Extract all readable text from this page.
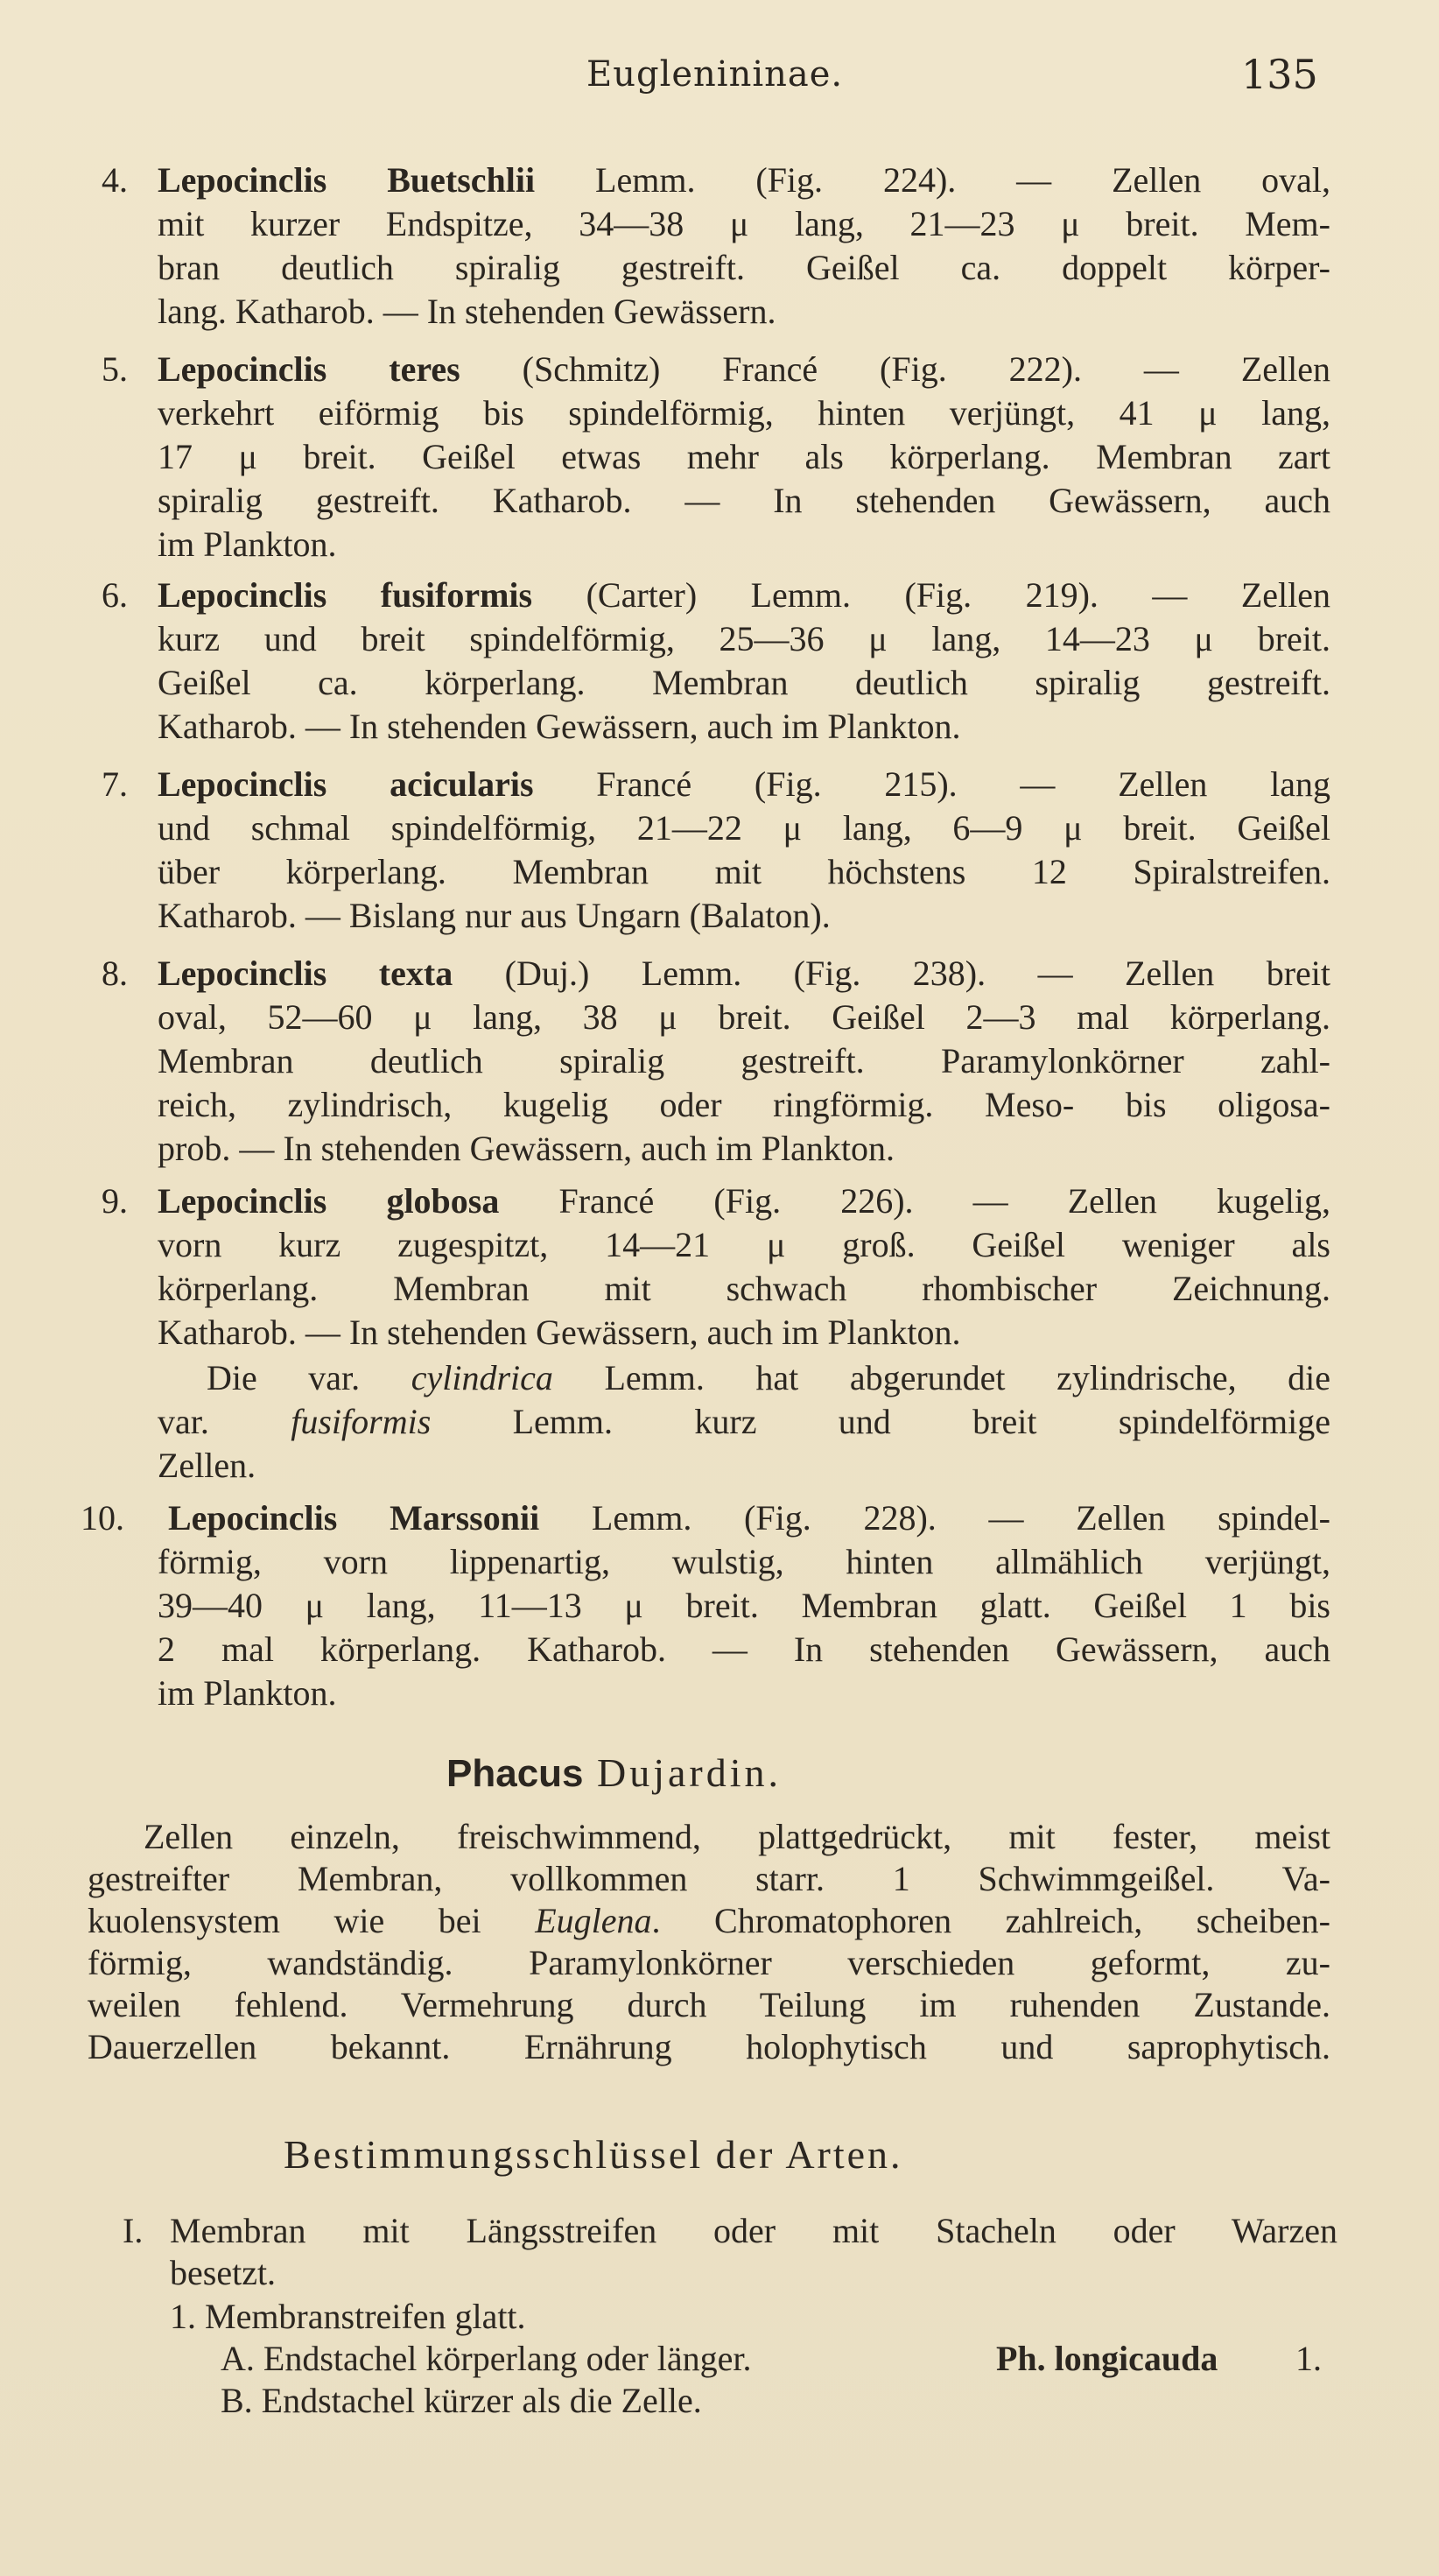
Euglenininae.	135
4. Lepocinclis Buetschlii Lemm. (Fig. 224). — Zellen oval,
mit kurzer Endspitze, 34—38 μ lang, 21—23 μ breit. Mem-
bran deutlich spiralig gestreift. Geißel ca. doppelt körper-
lang. Katharob. — In stehenden Gewässern.
5. Lepocinclis teres (Schmitz) Francé (Fig. 222). — Zellen
verkehrt eiförmig bis spindelförmig, hinten verjüngt, 41 μ lang,
17 μ breit. Geißel etwas mehr als körperlang. Membran zart
spiralig gestreift. Katharob. — In stehenden Gewässern, auch
im Plankton.
6. Lepocinclis fusiformis (Carter) Lemm. (Fig. 219). — Zellen
kurz und breit spindelförmig, 25—36 μ lang, 14—23 μ breit.
Geißel ca. körperlang. Membran deutlich spiralig gestreift.
Katharob. — In stehenden Gewässern, auch im Plankton.
7. Lepocinclis acicularis Francé (Fig. 215). — Zellen lang
und schmal spindelförmig, 21—22 μ lang, 6—9 μ breit. Geißel
über körperlang. Membran mit höchstens 12 Spiralstreifen.
Katharob. — Bislang nur aus Ungarn (Balaton).
8. Lepocinclis texta (Duj.) Lemm. (Fig. 238). — Zellen breit
oval, 52—60 μ lang, 38 μ breit. Geißel 2—3 mal körperlang.
Membran deutlich spiralig gestreift. Paramylonkörner zahl-
reich, zylindrisch, kugelig oder ringförmig. Meso- bis oligosa-
prob. — In stehenden Gewässern, auch im Plankton.
9. Lepocinclis globosa Francé (Fig. 226). — Zellen kugelig,
vorn kurz zugespitzt, 14—21 μ groß. Geißel weniger als
körperlang. Membran mit schwach rhombischer Zeichnung.
Katharob. — In stehenden Gewässern, auch im Plankton.
Die var. cylindrica Lemm. hat abgerundet zylindrische, die
var. fusiformis Lemm. kurz und breit spindelförmige
Zellen.
10. Lepocinclis Marssonii Lemm. (Fig. 228). — Zellen spindel-
förmig, vorn lippenartig, wulstig, hinten allmählich verjüngt,
39—40 μ lang, 11—13 μ breit. Membran glatt. Geißel 1 bis
2 mal körperlang. Katharob. — In stehenden Gewässern, auch
im Plankton.
Phacus Dujardin.
Zellen einzeln, freischwimmend, plattgedrückt, mit fester, meist
gestreifter Membran, vollkommen starr. 1 Schwimmgeißel. Va-
kuolensystem wie bei Euglena. Chromatophoren zahlreich, scheiben-
förmig, wandständig. Paramylonkörner verschieden geformt, zu-
weilen fehlend. Vermehrung durch Teilung im ruhenden Zustande.
Dauerzellen bekannt. Ernährung holophytisch und saprophytisch.
Bestimmungsschlüssel der Arten.
I. Membran mit Längsstreifen oder mit Stacheln oder Warzen
besetzt.
1. Membranstreifen glatt.
A. Endstachel körperlang oder länger.	Ph. longicauda 1.
B. Endstachel kürzer als die Zelle.
